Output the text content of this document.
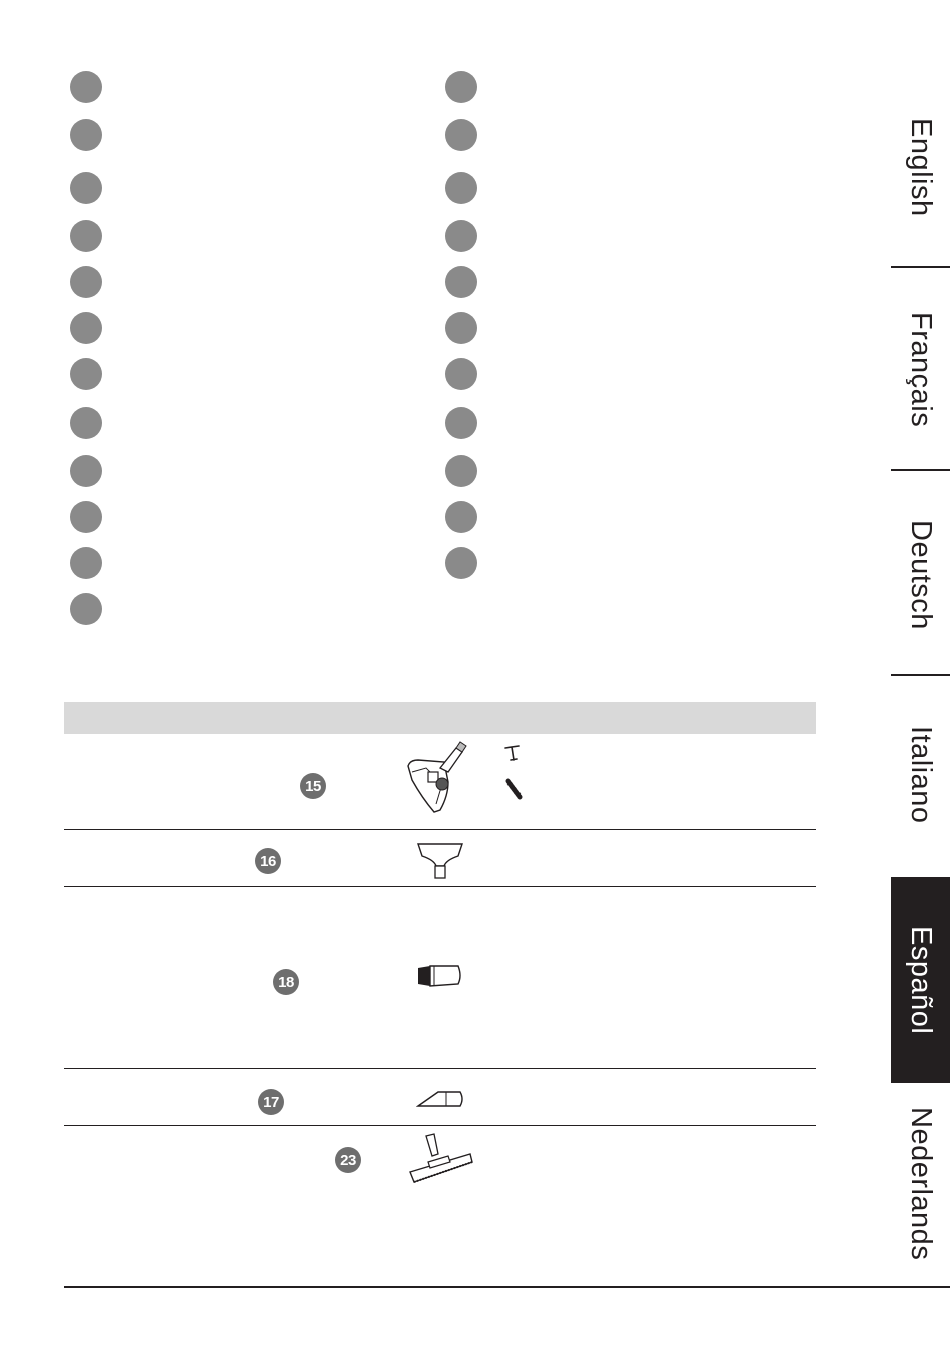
15
16
18
17
23
English
Français
Deutsch
Italiano
Español
Nederlands
